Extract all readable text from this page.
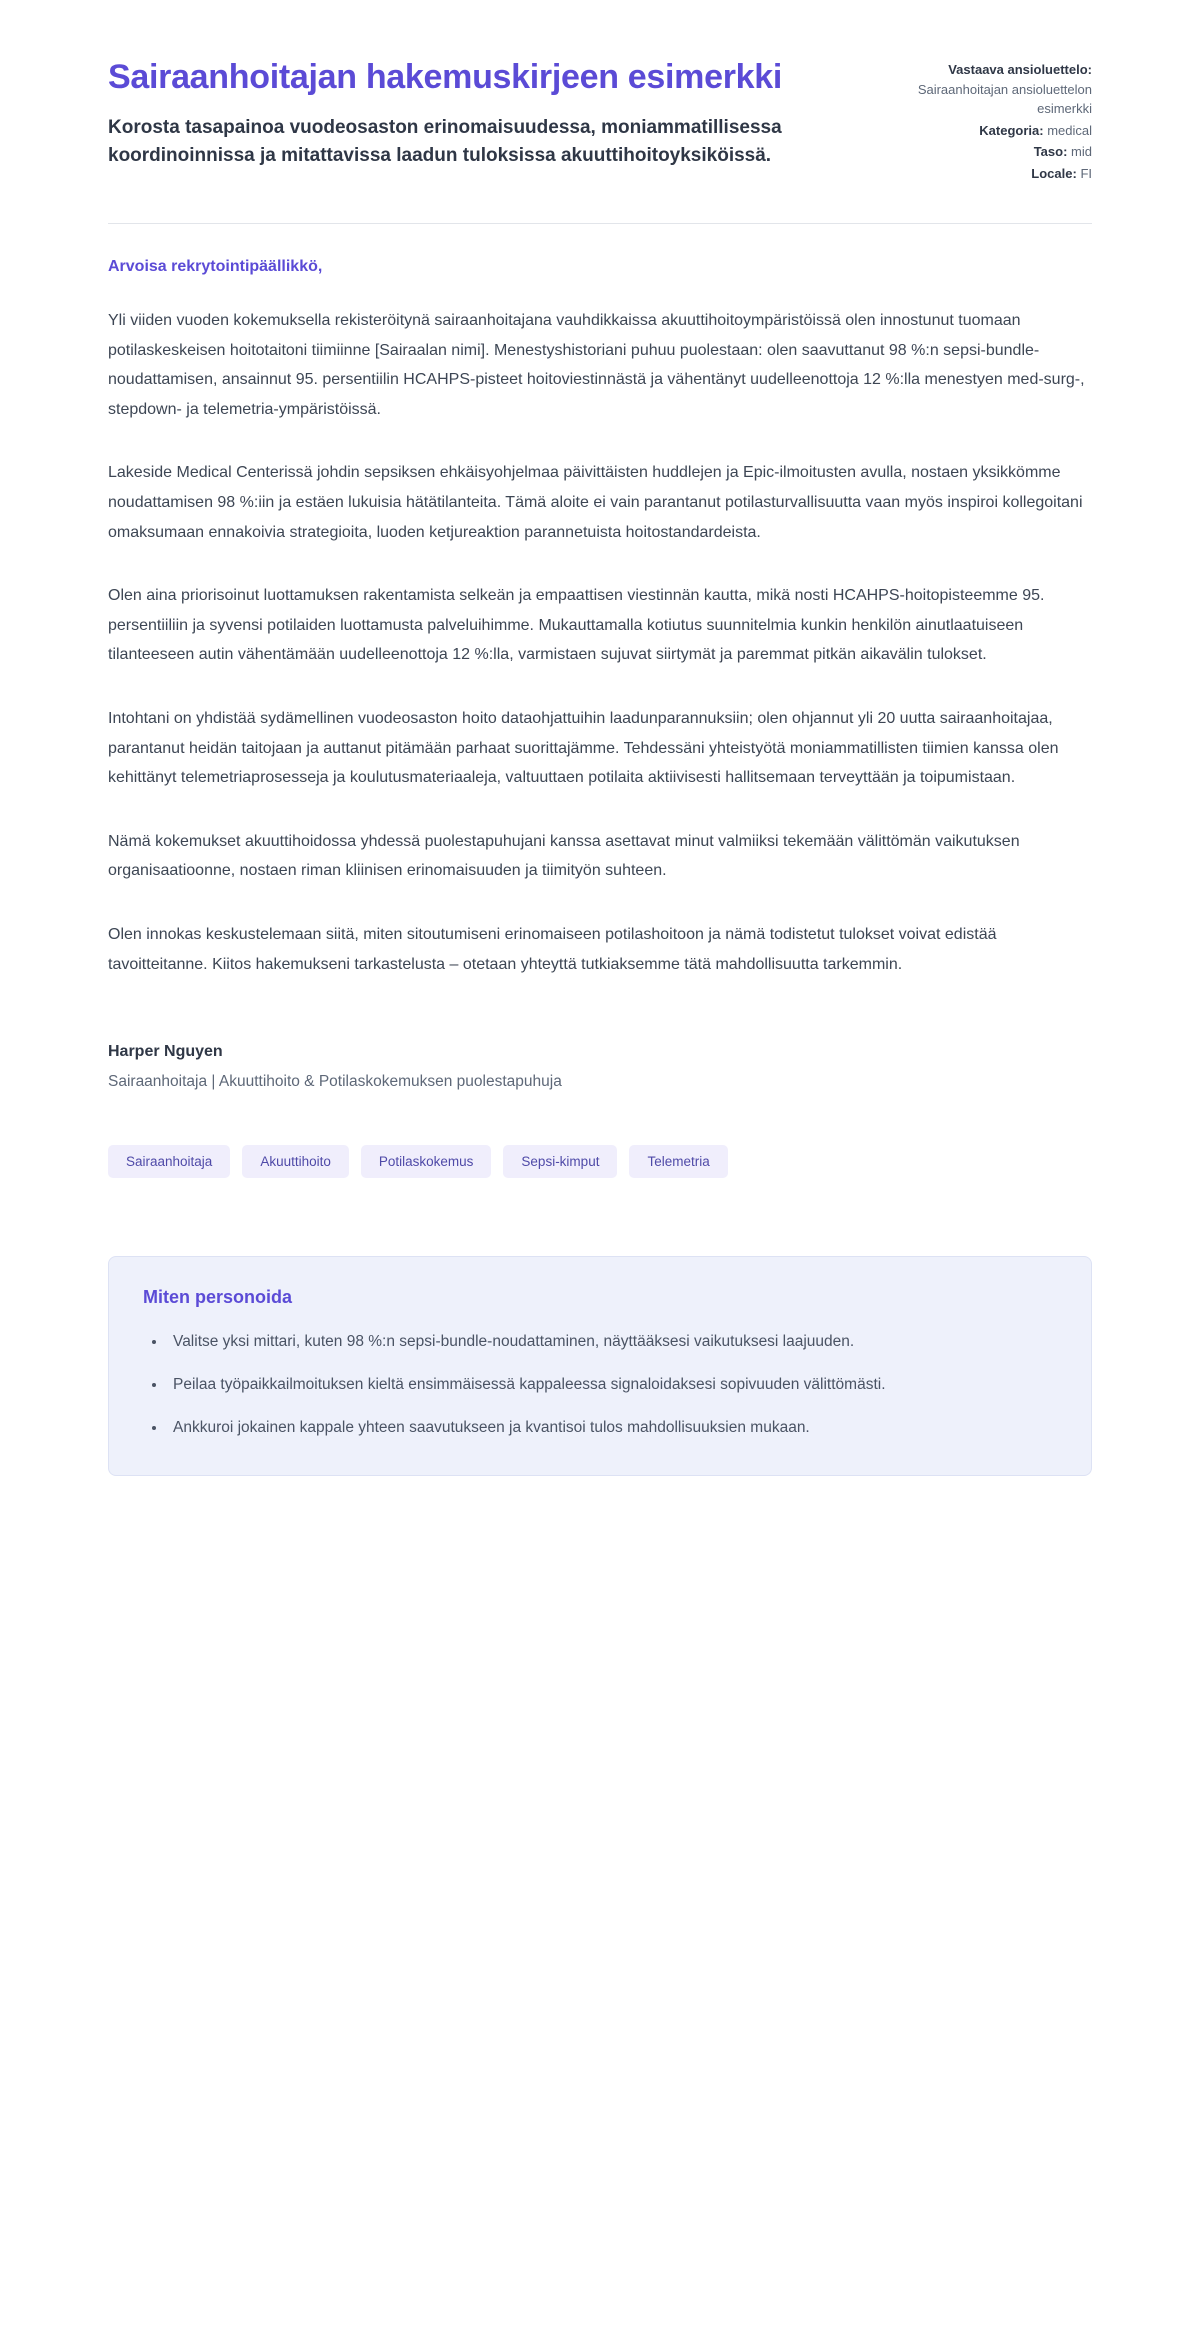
Sairaanhoitajan hakemuskirjeen esimerkki

Korosta tasapainoa vuodeosaston erinomaisuudessa, moniammatillisessa koordinoinnissa ja mitattavissa laadun tuloksissa akuuttihoitoyksiköissä.

Vastaava ansioluettelo:
Sairaanhoitajan ansioluettelon esimerkki
Kategoria: medical
Taso: mid
Locale: FI

Arvoisa rekrytointipäällikkö,

Yli viiden vuoden kokemuksella rekisteröitynä sairaanhoitajana vauhdikkaissa akuuttihoitoympäristöissä olen innostunut tuomaan potilaskeskeisen hoitotaitoni tiimiinne [Sairaalan nimi]. Menestyshistoriani puhuu puolestaan: olen saavuttanut 98 %:n sepsi-bundle-noudattamisen, ansainnut 95. persentiilin HCAHPS-pisteet hoitoviestinnästä ja vähentänyt uudelleenottoja 12 %:lla menestyen med-surg-, stepdown- ja telemetria-ympäristöissä.

Lakeside Medical Centerissä johdin sepsiksen ehkäisyohjelmaa päivittäisten huddlejen ja Epic-ilmoitusten avulla, nostaen yksikkömme noudattamisen 98 %:iin ja estäen lukuisia hätätilanteita. Tämä aloite ei vain parantanut potilasturvallisuutta vaan myös inspiroi kollegoitani omaksumaan ennakoivia strategioita, luoden ketjureaktion parannetuista hoitostandardeista.

Olen aina priorisoinut luottamuksen rakentamista selkeän ja empaattisen viestinnän kautta, mikä nosti HCAHPS-hoitopisteemme 95. persentiiliin ja syvensi potilaiden luottamusta palveluihimme. Mukauttamalla kotiutus suunnitelmia kunkin henkilön ainutlaatuiseen tilanteeseen autin vähentämään uudelleenottoja 12 %:lla, varmistaen sujuvat siirtymät ja paremmat pitkän aikavälin tulokset.

Intohtani on yhdistää sydämellinen vuodeosaston hoito dataohjattuihin laadunparannuksiin; olen ohjannut yli 20 uutta sairaanhoitajaa, parantanut heidän taitojaan ja auttanut pitämään parhaat suorittajämme. Tehdessäni yhteistyötä moniammatillisten tiimien kanssa olen kehittänyt telemetriaprosesseja ja koulutusmateriaaleja, valtuuttaen potilaita aktiivisesti hallitsemaan terveyttään ja toipumistaan.

Nämä kokemukset akuuttihoidossa yhdessä puolestapuhujani kanssa asettavat minut valmiiksi tekemään välittömän vaikutuksen organisaatioonne, nostaen riman kliinisen erinomaisuuden ja tiimityön suhteen.

Olen innokas keskustelemaan siitä, miten sitoutumiseni erinomaiseen potilashoitoon ja nämä todistetut tulokset voivat edistää tavoitteitanne. Kiitos hakemukseni tarkastelusta – otetaan yhteyttä tutkiaksemme tätä mahdollisuutta tarkemmin.

Harper Nguyen

Sairaanhoitaja | Akuuttihoito & Potilaskokemuksen puolestapuhuja

Sairaanhoitaja	Akuuttihoito	Potilaskokemus	Sepsi-kimput	Telemetria
Miten personoida
• Valitse yksi mittari, kuten 98 %:n sepsi-bundle-noudattaminen, näyttääksesi vaikutuksesi laajuuden.
• Peilaa työpaikkailmoituksen kieltä ensimmäisessä kappaleessa signaloidaksesi sopivuuden välittömästi.
• Ankkuroi jokainen kappale yhteen saavutukseen ja kvantisoi tulos mahdollisuuksien mukaan.
